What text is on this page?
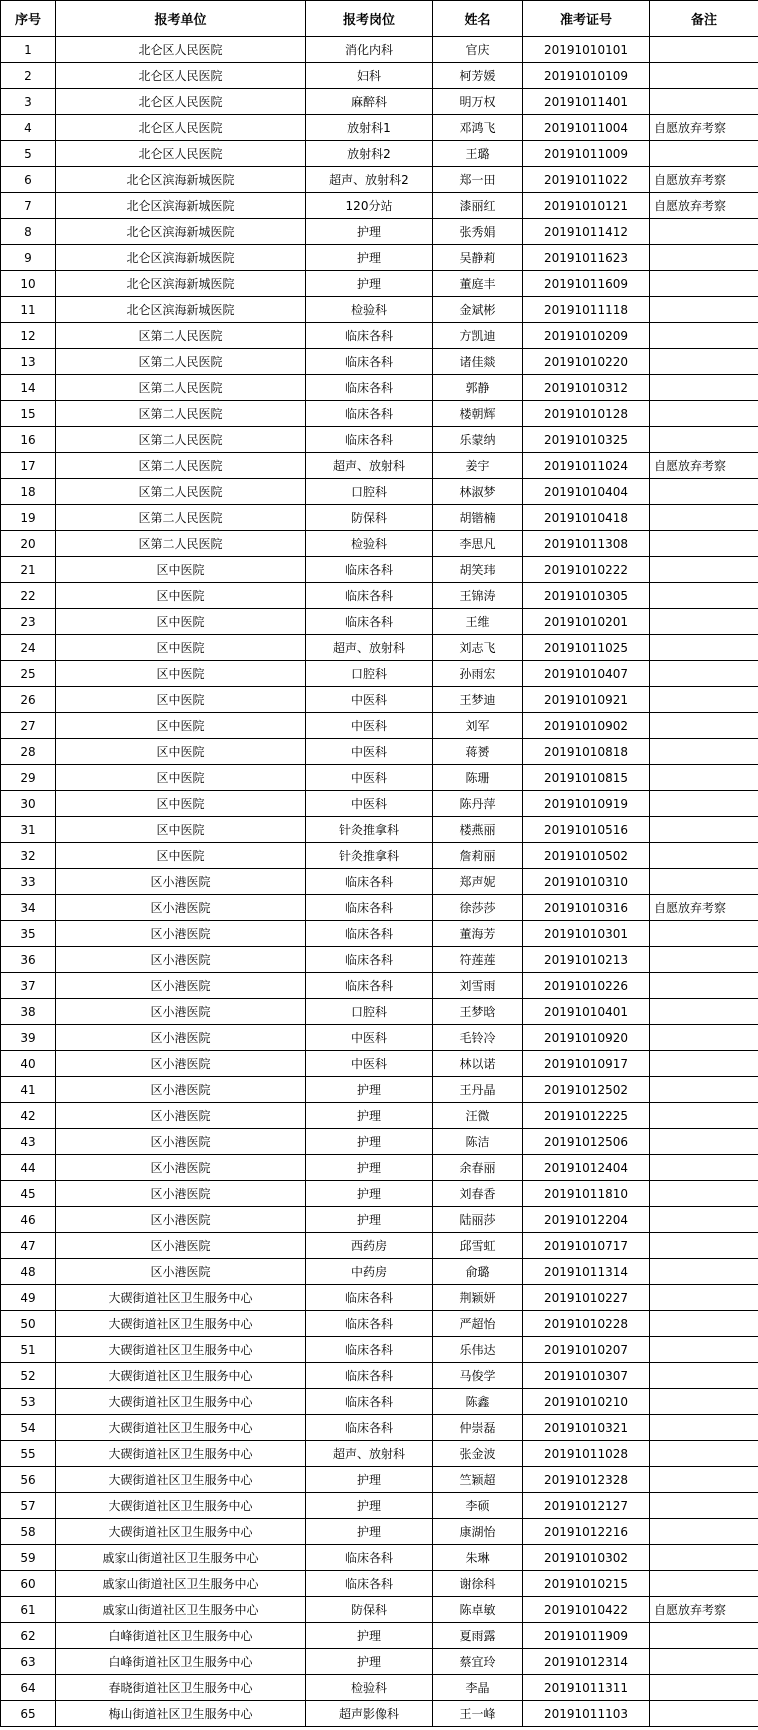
序号	报考单位	报考岗位	姓名	准考证号	备注
1	北仑区人民医院	消化内科	官庆	20191010101	
2	北仑区人民医院	妇科	柯芳媛	20191010109	
3	北仑区人民医院	麻醉科	明万权	20191011401	
4	北仑区人民医院	放射科1	邓鸿飞	20191011004	自愿放弃考察
5	北仑区人民医院	放射科2	王璐	20191011009	
6	北仑区滨海新城医院	超声、放射科2	郑一田	20191011022	自愿放弃考察
7	北仑区滨海新城医院	120分站	漆丽红	20191010121	自愿放弃考察
8	北仑区滨海新城医院	护理	张秀娟	20191011412	
9	北仑区滨海新城医院	护理	吴静莉	20191011623	
10	北仑区滨海新城医院	护理	董庭丰	20191011609	
11	北仑区滨海新城医院	检验科	金斌彬	20191011118	
12	区第二人民医院	临床各科	方凯迪	20191010209	
13	区第二人民医院	临床各科	诸佳燚	20191010220	
14	区第二人民医院	临床各科	郭静	20191010312	
15	区第二人民医院	临床各科	楼朝辉	20191010128	
16	区第二人民医院	临床各科	乐蒙纳	20191010325	
17	区第二人民医院	超声、放射科	姜宇	20191011024	自愿放弃考察
18	区第二人民医院	口腔科	林淑梦	20191010404	
19	区第二人民医院	防保科	胡锴楠	20191010418	
20	区第二人民医院	检验科	李思凡	20191011308	
21	区中医院	临床各科	胡笑玮	20191010222	
22	区中医院	临床各科	王锦涛	20191010305	
23	区中医院	临床各科	王维	20191010201	
24	区中医院	超声、放射科	刘志飞	20191011025	
25	区中医院	口腔科	孙雨宏	20191010407	
26	区中医院	中医科	王梦迪	20191010921	
27	区中医院	中医科	刘军	20191010902	
28	区中医院	中医科	蒋赟	20191010818	
29	区中医院	中医科	陈珊	20191010815	
30	区中医院	中医科	陈丹萍	20191010919	
31	区中医院	针灸推拿科	楼燕丽	20191010516	
32	区中医院	针灸推拿科	詹莉丽	20191010502	
33	区小港医院	临床各科	郑声妮	20191010310	
34	区小港医院	临床各科	徐莎莎	20191010316	自愿放弃考察
35	区小港医院	临床各科	董海芳	20191010301	
36	区小港医院	临床各科	符莲莲	20191010213	
37	区小港医院	临床各科	刘雪雨	20191010226	
38	区小港医院	口腔科	王梦晗	20191010401	
39	区小港医院	中医科	毛铃冷	20191010920	
40	区小港医院	中医科	林以诺	20191010917	
41	区小港医院	护理	王丹晶	20191012502	
42	区小港医院	护理	汪微	20191012225	
43	区小港医院	护理	陈洁	20191012506	
44	区小港医院	护理	余春丽	20191012404	
45	区小港医院	护理	刘春香	20191011810	
46	区小港医院	护理	陆丽莎	20191012204	
47	区小港医院	西药房	邱雪虹	20191010717	
48	区小港医院	中药房	俞璐	20191011314	
49	大碶街道社区卫生服务中心	临床各科	荆颖妍	20191010227	
50	大碶街道社区卫生服务中心	临床各科	严超怡	20191010228	
51	大碶街道社区卫生服务中心	临床各科	乐伟达	20191010207	
52	大碶街道社区卫生服务中心	临床各科	马俊学	20191010307	
53	大碶街道社区卫生服务中心	临床各科	陈鑫	20191010210	
54	大碶街道社区卫生服务中心	临床各科	仲崇磊	20191010321	
55	大碶街道社区卫生服务中心	超声、放射科	张金波	20191011028	
56	大碶街道社区卫生服务中心	护理	竺颖超	20191012328	
57	大碶街道社区卫生服务中心	护理	李硕	20191012127	
58	大碶街道社区卫生服务中心	护理	康湖怡	20191012216	
59	戚家山街道社区卫生服务中心	临床各科	朱琳	20191010302	
60	戚家山街道社区卫生服务中心	临床各科	谢徐科	20191010215	
61	戚家山街道社区卫生服务中心	防保科	陈卓敏	20191010422	自愿放弃考察
62	白峰街道社区卫生服务中心	护理	夏雨露	20191011909	
63	白峰街道社区卫生服务中心	护理	蔡宜玲	20191012314	
64	春晓街道社区卫生服务中心	检验科	李晶	20191011311	
65	梅山街道社区卫生服务中心	超声影像科	王一峰	20191011103	
